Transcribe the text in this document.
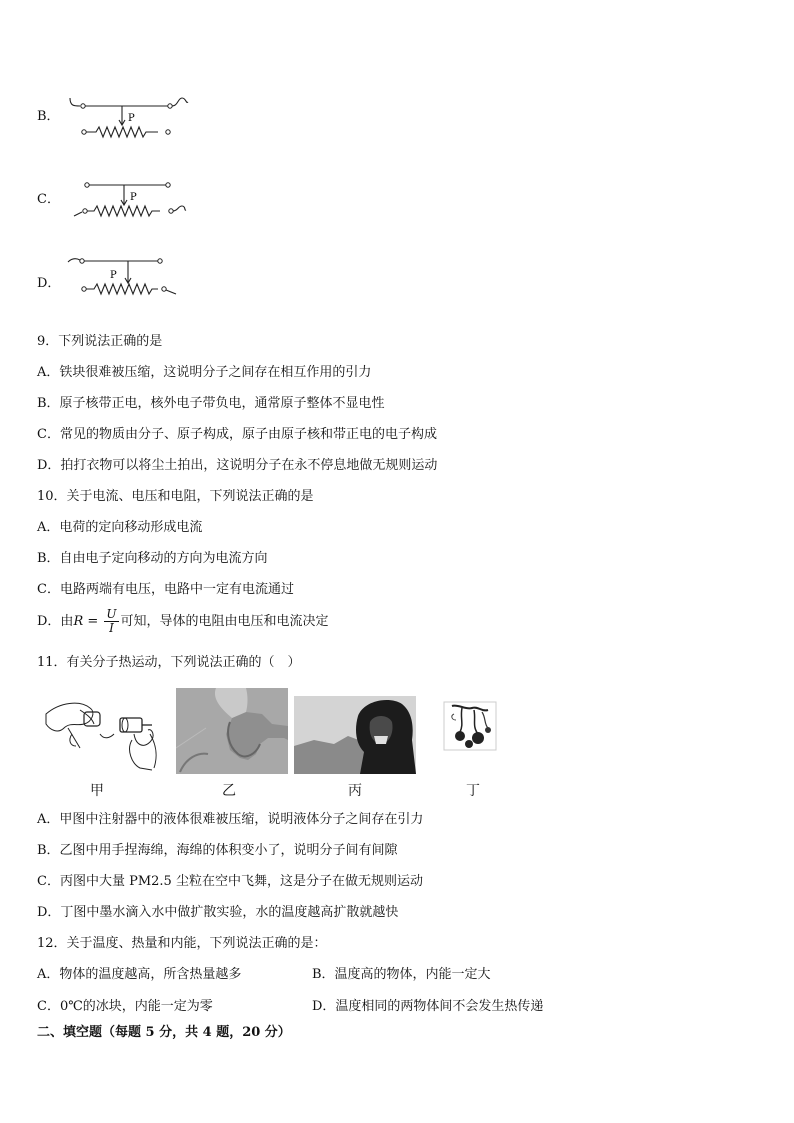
B．	P
C．	P
D．
P
9．下列说法正确的是
A．铁块很难被压缩，这说明分子之间存在相互作用的引力
B．原子核带正电，核外电子带负电，通常原子整体不显电性
C．常见的物质由分子、原子构成，原子由原子核和带正电的电子构成
D．拍打衣物可以将尘土拍出，这说明分子在永不停息地做无规则运动
10．关于电流、电压和电阻，下列说法正确的是
A．电荷的定向移动形成电流
B．自由电子定向移动的方向为电流方向
C．电路两端有电压，电路中一定有电流通过
D．由$R = \frac{U}{I}$ 可知，导体的电阻由电压和电流决定
11．有关分子热运动，下列说法正确的（　）
甲	乙	丙	丁
A．甲图中注射器中的液体很难被压缩，说明液体分子之间存在引力
B．乙图中用手捏海绵，海绵的体积变小了，说明分子间有间隙
C．丙图中大量 PM2.5 尘粒在空中飞舞，这是分子在做无规则运动
D．丁图中墨水滴入水中做扩散实验，水的温度越高扩散就越快
12．关于温度、热量和内能，下列说法正确的是：
A．物体的温度越高，所含热量越多	B．温度高的物体，内能一定大
C．0℃的冰块，内能一定为零	D．温度相同的两物体间不会发生热传递
二、填空题（每题 5 分，共 4 题，20 分）
